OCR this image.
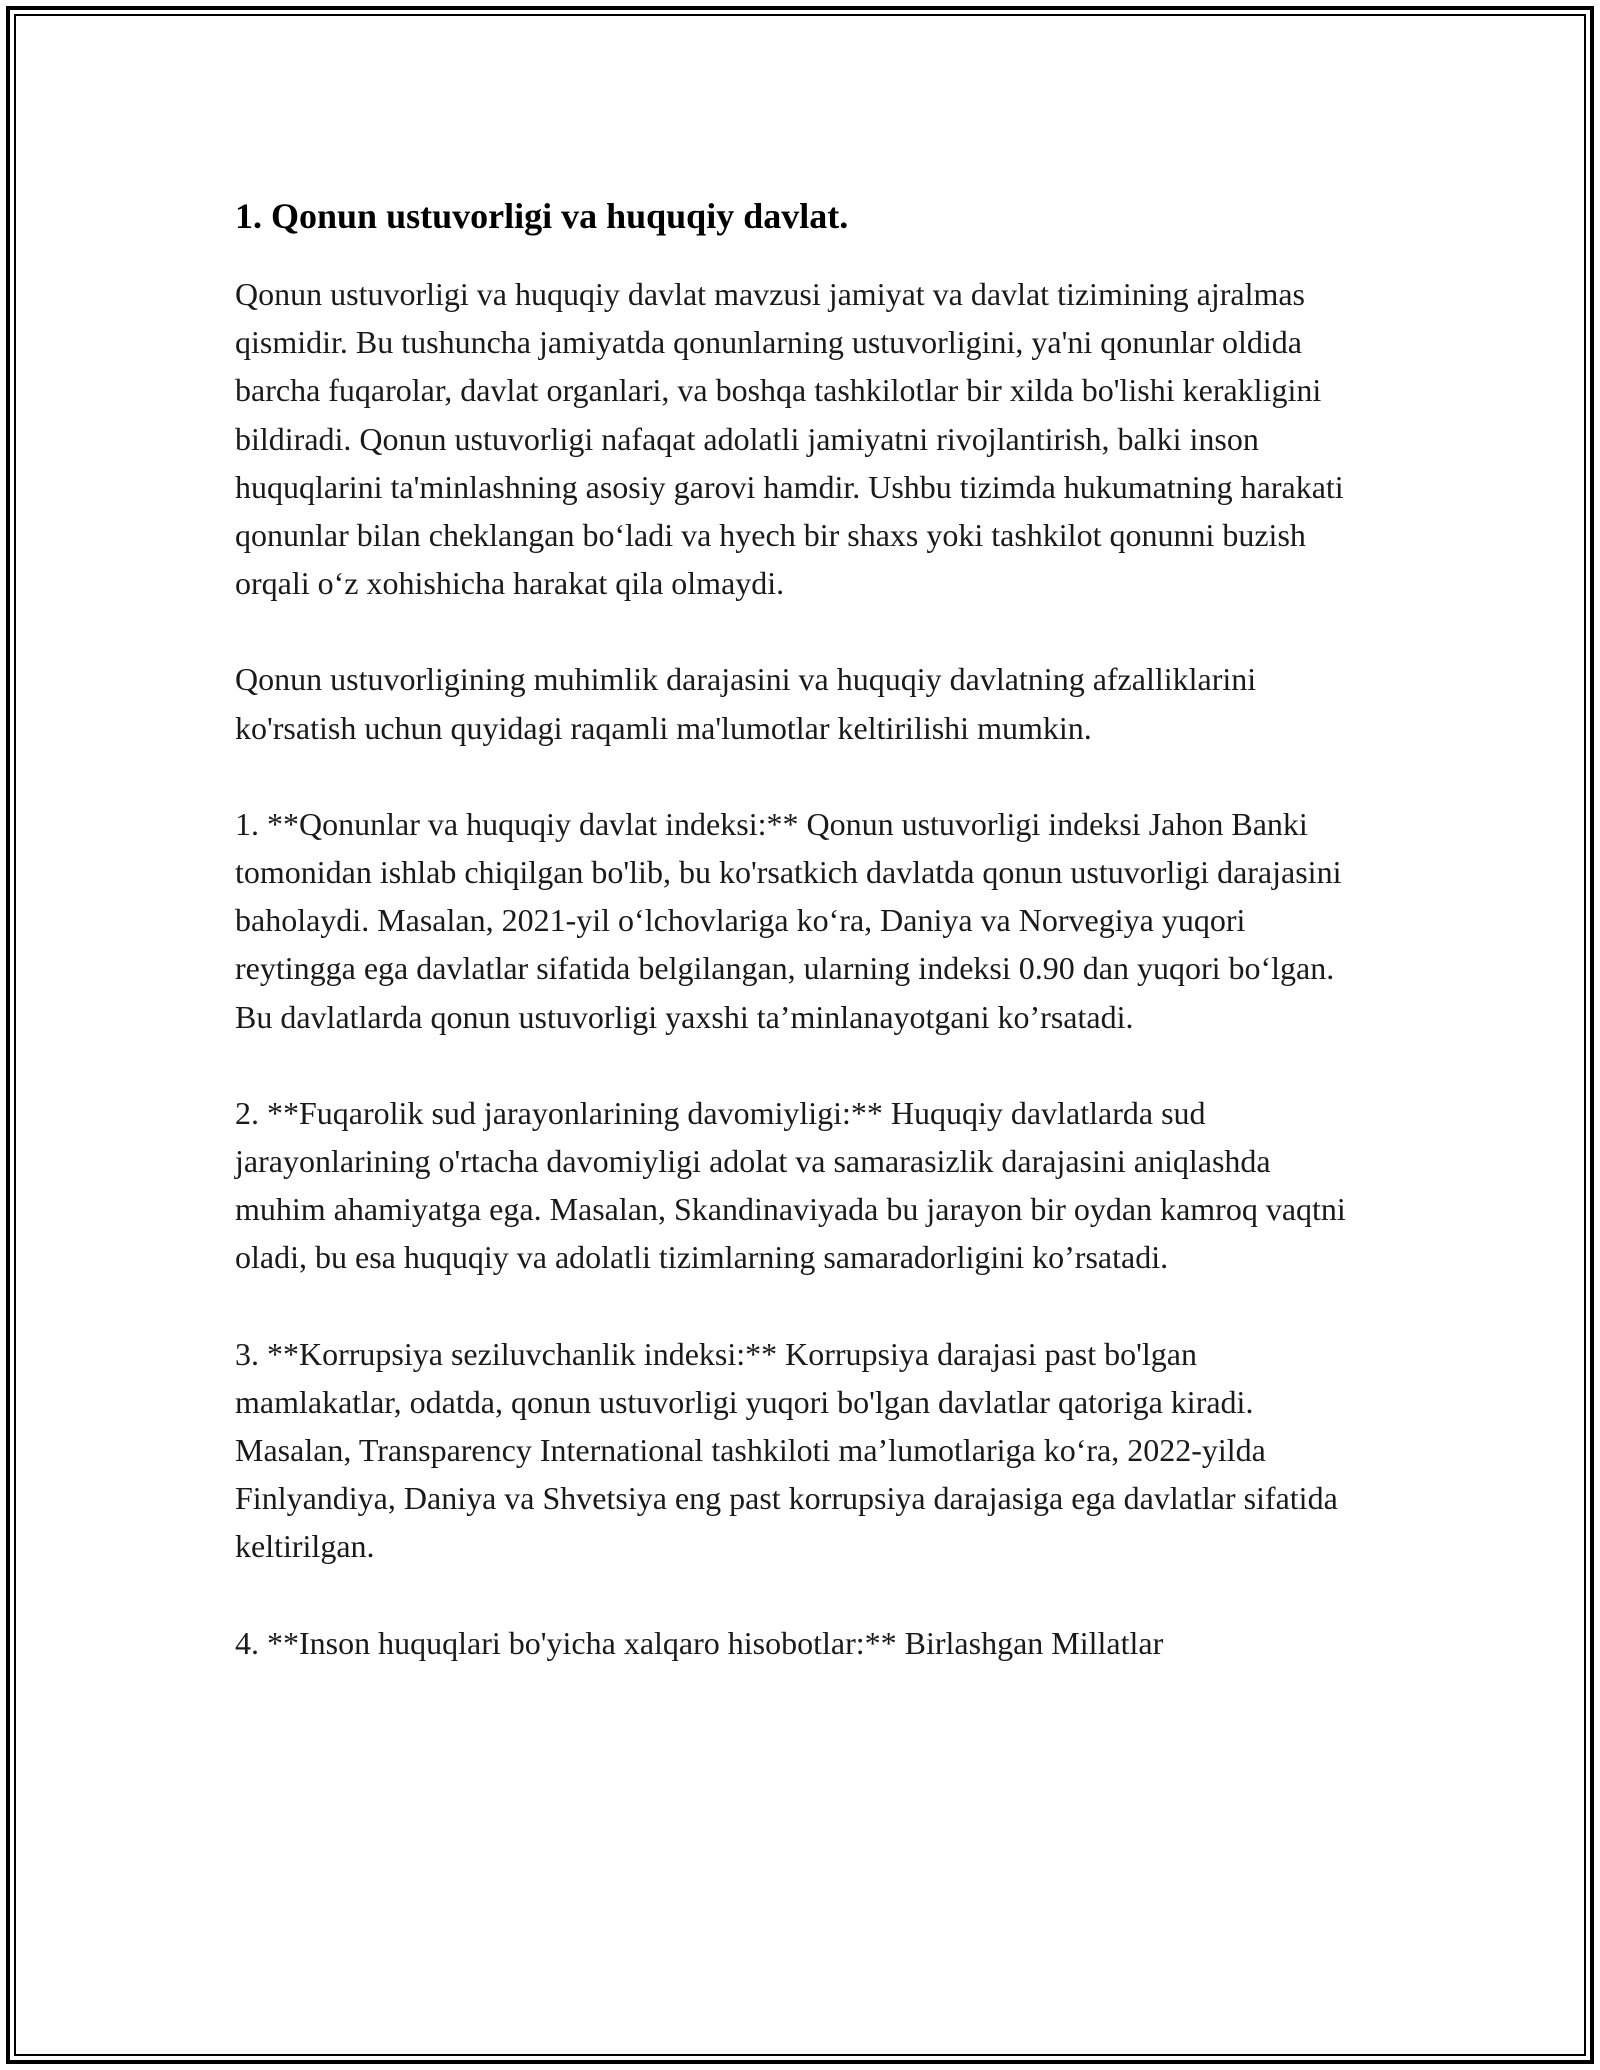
1. Qonun ustuvorligi va huquqiy davlat.
Qonun ustuvorligi va huquqiy davlat mavzusi jamiyat va davlat tizimining ajralmas qismidir. Bu tushuncha jamiyatda qonunlarning ustuvorligini, ya'ni qonunlar oldida barcha fuqarolar, davlat organlari, va boshqa tashkilotlar bir xilda bo'lishi kerakligini bildiradi. Qonun ustuvorligi nafaqat adolatli jamiyatni rivojlantirish, balki inson huquqlarini ta'minlashning asosiy garovi hamdir. Ushbu tizimda hukumatning harakati qonunlar bilan cheklangan bo‘ladi va hyech bir shaxs yoki tashkilot qonunni buzish orqali o‘z xohishicha harakat qila olmaydi.
Qonun ustuvorligining muhimlik darajasini va huquqiy davlatning afzalliklarini ko'rsatish uchun quyidagi raqamli ma'lumotlar keltirilishi mumkin.
1. **Qonunlar va huquqiy davlat indeksi:** Qonun ustuvorligi indeksi Jahon Banki tomonidan ishlab chiqilgan bo'lib, bu ko'rsatkich davlatda qonun ustuvorligi darajasini baholaydi. Masalan, 2021-yil o‘lchovlariga ko‘ra, Daniya va Norvegiya yuqori reytingga ega davlatlar sifatida belgilangan, ularning indeksi 0.90 dan yuqori bo‘lgan. Bu davlatlarda qonun ustuvorligi yaxshi ta’minlanayotgani ko’rsatadi.
2. **Fuqarolik sud jarayonlarining davomiyligi:** Huquqiy davlatlarda sud jarayonlarining o'rtacha davomiyligi adolat va samarasizlik darajasini aniqlashda muhim ahamiyatga ega. Masalan, Skandinaviyada bu jarayon bir oydan kamroq vaqtni oladi, bu esa huquqiy va adolatli tizimlarning samaradorligini ko’rsatadi.
3. **Korrupsiya seziluvchanlik indeksi:** Korrupsiya darajasi past bo'lgan mamlakatlar, odatda, qonun ustuvorligi yuqori bo'lgan davlatlar qatoriga kiradi. Masalan, Transparency International tashkiloti ma’lumotlariga ko‘ra, 2022-yilda Finlyandiya, Daniya va Shvetsiya eng past korrupsiya darajasiga ega davlatlar sifatida keltirilgan.
4. **Inson huquqlari bo'yicha xalqaro hisobotlar:** Birlashgan Millatlar
